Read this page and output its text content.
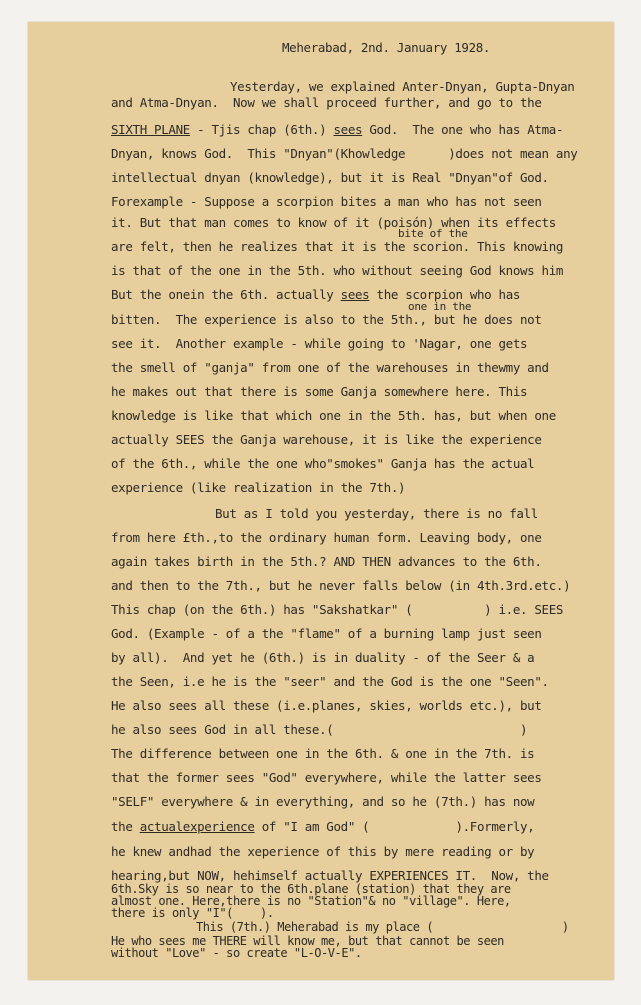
Meherabad, 2nd. January 1928.
Yesterday, we explained Anter-Dnyan, Gupta-Dnyan
and Atma-Dnyan.  Now we shall proceed further, and go to the
SIXTH PLANE - Tjis chap (6th.) sees God.  The one who has Atma-
Dnyan, knows God.  This "Dnyan"(Khowledge      )does not mean any
intellectual dnyan (knowledge), but it is Real "Dnyan"of God.
Forexample - Suppose a scorpion bites a man who has not seen
it. But that man comes to know of it (poisón) when its effects
bite of the
are felt, then he realizes that it is the scorion. This knowing
is that of the one in the 5th. who without seeing God knows him
But the onein the 6th. actually sees the scorpion who has
one in the
bitten.  The experience is also to the 5th., but he does not
see it.  Another example - while going to 'Nagar, one gets
the smell of "ganja" from one of the warehouses in thewmy and
he makes out that there is some Ganja somewhere here. This
knowledge is like that which one in the 5th. has, but when one
actually SEES the Ganja warehouse, it is like the experience
of the 6th., while the one who"smokes" Ganja has the actual
experience (like realization in the 7th.)
But as I told you yesterday, there is no fall
from here £th.,to the ordinary human form. Leaving body, one
again takes birth in the 5th.? AND THEN advances to the 6th.
and then to the 7th., but he never falls below (in 4th.3rd.etc.)
This chap (on the 6th.) has "Sakshatkar" (          ) i.e. SEES
God. (Example - of a the "flame" of a burning lamp just seen
by all).  And yet he (6th.) is in duality - of the Seer & a
the Seen, i.e he is the "seer" and the God is the one "Seen".
He also sees all these (i.e.planes, skies, worlds etc.), but
he also sees God in all these.(                          )
The difference between one in the 6th. & one in the 7th. is
that the former sees "God" everywhere, while the latter sees
"SELF" everywhere & in everything, and so he (7th.) has now
the actualexperience of "I am God" (            ).Formerly,
he knew andhad the xeperience of this by mere reading or by
hearing,but NOW, hehimself actually EXPERIENCES IT.  Now, the
6th.Sky is so near to the 6th.plane (station) that they are
almost one. Here,there is no "Station"& no "village". Here,
there is only "I"(    ).
This (7th.) Meherabad is my place (                   )
He who sees me THERE will know me, but that cannot be seen
without "Love" - so create "L-O-V-E".
